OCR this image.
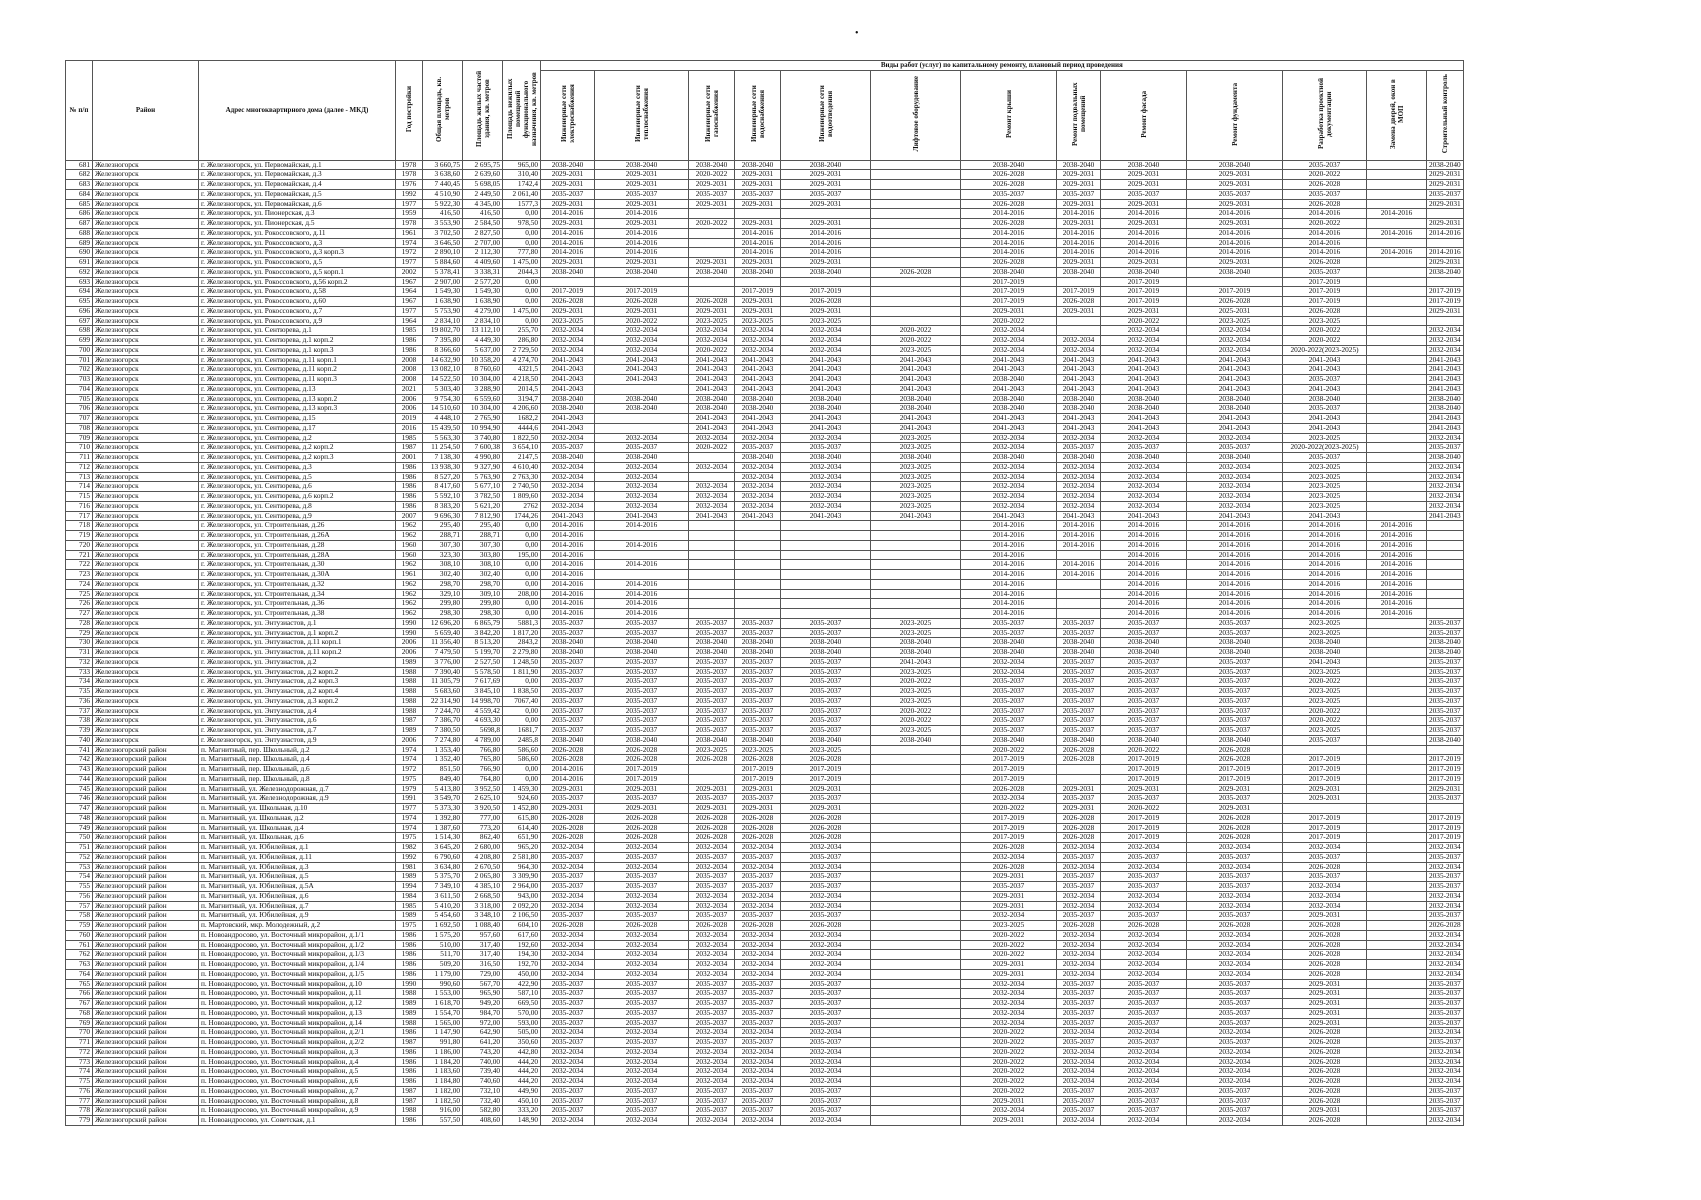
•
№ п/п	Район	Адрес многоквартирного дома (далее - МКД)	Год постройки	Общая площадь, кв. метров	Площадь жилых частей здания, кв. метров	Площадь нежилых помещений функционального назначения, кв. метров	Виды работ (услуг) по капитальному ремонту, плановый период проведения												
							Инженерные сети электроснабжения	Инженерные сети теплоснабжения	Инженерные сети газоснабжения	Инженерные сети водоснабжения	Инженерные сети водоотведения	Лифтовое оборудование	Ремонт крыши	Ремонт подвальных помещений	Ремонт фасада	Ремонт фундамента	Разработка проектной документации	Замена дверей, окон в МОП	Строительный контроль
681	Железногорск	г. Железногорск, ул. Первомайская, д.1	1978	3 660,75	2 695,75	965,00	2038-2040	2038-2040	2038-2040	2038-2040	2038-2040		2038-2040	2038-2040	2038-2040	2038-2040	2035-2037		2038-2040
682	Железногорск	г. Железногорск, ул. Первомайская, д.3	1978	3 638,60	2 639,60	310,40	2029-2031	2029-2031	2020-2022	2029-2031	2029-2031		2026-2028	2029-2031	2029-2031	2029-2031	2020-2022		2029-2031
683	Железногорск	г. Железногорск, ул. Первомайская, д.4	1976	7 440,45	5 698,05	1742,4	2029-2031	2029-2031	2029-2031	2029-2031	2029-2031		2026-2028	2029-2031	2029-2031	2029-2031	2026-2028		2029-2031
684	Железногорск	г. Железногорск, ул. Первомайская, д.5	1992	4 510,90	2 449,50	2 061,40	2035-2037	2035-2037	2035-2037	2035-2037	2035-2037		2035-2037	2035-2037	2035-2037	2035-2037	2035-2037		2035-2037
685	Железногорск	г. Железногорск, ул. Первомайская, д.6	1977	5 922,30	4 345,00	1577,3	2029-2031	2029-2031	2029-2031	2029-2031	2029-2031		2026-2028	2029-2031	2029-2031	2029-2031	2026-2028		2029-2031
686	Железногорск	г. Железногорск, ул. Пионерская, д.3	1959	416,50	416,50	0,00	2014-2016	2014-2016					2014-2016	2014-2016	2014-2016	2014-2016	2014-2016	2014-2016	
687	Железногорск	г. Железногорск, ул. Пионерская, д.5	1978	3 553,90	2 584,50	978,50	2029-2031	2029-2031	2020-2022	2029-2031	2029-2031		2026-2028	2029-2031	2029-2031	2029-2031	2020-2022		2029-2031
688	Железногорск	г. Железногорск, ул. Рокоссовского, д.11	1961	3 702,50	2 827,50	0,00	2014-2016	2014-2016		2014-2016	2014-2016		2014-2016	2014-2016	2014-2016	2014-2016	2014-2016	2014-2016	2014-2016
689	Железногорск	г. Железногорск, ул. Рокоссовского, д.3	1974	3 646,50	2 707,00	0,00	2014-2016	2014-2016		2014-2016	2014-2016		2014-2016	2014-2016	2014-2016	2014-2016	2014-2016		
690	Железногорск	г. Железногорск, ул. Рокоссовского, д.3 корп.3	1972	2 890,10	2 112,30	777,80	2014-2016	2014-2016		2014-2016	2014-2016		2014-2016	2014-2016	2014-2016	2014-2016	2014-2016	2014-2016	2014-2016
691	Железногорск	г. Железногорск, ул. Рокоссовского, д.5	1977	5 884,60	4 409,60	1 475,00	2029-2031	2029-2031	2029-2031	2029-2031	2029-2031		2026-2028	2029-2031	2029-2031	2029-2031	2026-2028		2029-2031
692	Железногорск	г. Железногорск, ул. Рокоссовского, д.5 корп.1	2002	5 378,41	3 338,31	2044,3	2038-2040	2038-2040	2038-2040	2038-2040	2038-2040	2026-2028	2038-2040	2038-2040	2038-2040	2038-2040	2035-2037		2038-2040
693	Железногорск	г. Железногорск, ул. Рокоссовского, д.56 корп.2	1967	2 907,00	2 577,20	0,00							2017-2019		2017-2019		2017-2019		
694	Железногорск	г. Железногорск, ул. Рокоссовского, д.58	1964	1 549,30	1 549,30	0,00	2017-2019	2017-2019		2017-2019	2017-2019		2017-2019	2017-2019	2017-2019	2017-2019	2017-2019		2017-2019
695	Железногорск	г. Железногорск, ул. Рокоссовского, д.60	1967	1 638,90	1 638,90	0,00	2026-2028	2026-2028	2026-2028	2029-2031	2026-2028		2017-2019	2026-2028	2017-2019	2026-2028	2017-2019		2017-2019
696	Железногорск	г. Железногорск, ул. Рокоссовского, д.7	1977	5 753,90	4 279,00	1 475,00	2029-2031	2029-2031	2029-2031	2029-2031	2029-2031		2029-2031	2029-2031	2029-2031	2025-2031	2026-2028		2029-2031
697	Железногорск	г. Железногорск, ул. Рокоссовского, д.9	1964	2 834,10	2 834,10	0,00	2023-2025	2020-2022	2023-2025	2023-2025	2023-2025		2020-2022		2020-2022	2023-2025	2023-2025		
698	Железногорск	г. Железногорск, ул. Сентюрева, д.1	1985	19 802,70	13 112,10	255,70	2032-2034	2032-2034	2032-2034	2032-2034	2032-2034	2020-2022	2032-2034		2032-2034	2032-2034	2020-2022		2032-2034
699	Железногорск	г. Железногорск, ул. Сентюрева, д.1 корп.2	1986	7 395,80	4 449,30	286,80	2032-2034	2032-2034	2032-2034	2032-2034	2032-2034	2020-2022	2032-2034	2032-2034	2032-2034	2032-2034	2020-2022		2032-2034
700	Железногорск	г. Железногорск, ул. Сентюрева, д.1 корп.3	1986	8 366,60	5 637,00	2 729,50	2032-2034	2032-2034	2020-2022	2032-2034	2032-2034	2023-2025	2032-2034	2032-2034	2032-2034	2032-2034	2020-2022(2023-2025)		2032-2034
701	Железногорск	г. Железногорск, ул. Сентюрева, д.11 корп.1	2008	14 632,90	10 358,20	4 274,70	2041-2043	2041-2043	2041-2043	2041-2043	2041-2043	2041-2043	2041-2043	2041-2043	2041-2043	2041-2043	2041-2043		2041-2043
702	Железногорск	г. Железногорск, ул. Сентюрева, д.11 корп.2	2008	13 082,10	8 760,60	4321,5	2041-2043	2041-2043	2041-2043	2041-2043	2041-2043	2041-2043	2041-2043	2041-2043	2041-2043	2041-2043	2041-2043		2041-2043
703	Железногорск	г. Железногорск, ул. Сентюрева, д.11 корп.3	2008	14 522,50	10 304,00	4 218,50	2041-2043	2041-2043	2041-2043	2041-2043	2041-2043	2041-2043	2038-2040	2041-2043	2041-2043	2041-2043	2035-2037		2041-2043
704	Железногорск	г. Железногорск, ул. Сентюрева, д.13	2021	5 303,40	3 288,90	2014,5	2041-2043		2041-2043	2041-2043	2041-2043	2041-2043	2041-2043	2041-2043	2041-2043	2041-2043	2041-2043		2041-2043
705	Железногорск	г. Железногорск, ул. Сентюрева, д.13 корп.2	2006	9 754,30	6 559,60	3194,7	2038-2040	2038-2040	2038-2040	2038-2040	2038-2040	2038-2040	2038-2040	2038-2040	2038-2040	2038-2040	2038-2040		2038-2040
706	Железногорск	г. Железногорск, ул. Сентюрева, д.13 корп.3	2006	14 510,60	10 304,00	4 206,60	2038-2040	2038-2040	2038-2040	2038-2040	2038-2040	2038-2040	2038-2040	2038-2040	2038-2040	2038-2040	2035-2037		2038-2040
707	Железногорск	г. Железногорск, ул. Сентюрева, д.15	2019	4 448,10	2 765,90	1682,2	2041-2043		2041-2043	2041-2043	2041-2043	2041-2043	2041-2043	2041-2043	2041-2043	2041-2043	2041-2043		2041-2043
708	Железногорск	г. Железногорск, ул. Сентюрева, д.17	2016	15 439,50	10 994,90	4444,6	2041-2043		2041-2043	2041-2043	2041-2043	2041-2043	2041-2043	2041-2043	2041-2043	2041-2043	2041-2043		2041-2043
709	Железногорск	г. Железногорск, ул. Сентюрева, д.2	1985	5 563,30	3 740,80	1 822,50	2032-2034	2032-2034	2032-2034	2032-2034	2032-2034	2023-2025	2032-2034	2032-2034	2032-2034	2032-2034	2023-2025		2032-2034
710	Железногорск	г. Железногорск, ул. Сентюрева, д.2 корп.2	1987	11 254,50	7 600,38	3 654,10	2035-2037	2035-2037	2020-2022	2035-2037	2035-2037	2023-2025	2032-2034	2035-2037	2035-2037	2035-2037	2020-2022(2023-2025)		2035-2037
711	Железногорск	г. Железногорск, ул. Сентюрева, д.2 корп.3	2001	7 138,30	4 990,80	2147,5	2038-2040	2038-2040		2038-2040	2038-2040	2038-2040	2038-2040	2038-2040	2038-2040	2038-2040	2035-2037		2038-2040
712	Железногорск	г. Железногорск, ул. Сентюрева, д.3	1986	13 938,30	9 327,90	4 610,40	2032-2034	2032-2034	2032-2034	2032-2034	2032-2034	2023-2025	2032-2034	2032-2034	2032-2034	2032-2034	2023-2025		2032-2034
713	Железногорск	г. Железногорск, ул. Сентюрева, д.5	1986	8 527,20	5 763,90	2 763,30	2032-2034	2032-2034		2032-2034	2032-2034	2023-2025	2032-2034	2032-2034	2032-2034	2032-2034	2023-2025		2032-2034
714	Железногорск	г. Железногорск, ул. Сентюрева, д.6	1986	8 417,60	5 677,10	2 740,50	2032-2034	2032-2034	2032-2034	2032-2034	2032-2034	2023-2025	2032-2034	2032-2034	2032-2034	2032-2034	2023-2025		2032-2034
715	Железногорск	г. Железногорск, ул. Сентюрева, д.6 корп.2	1986	5 592,10	3 782,50	1 809,60	2032-2034	2032-2034	2032-2034	2032-2034	2032-2034	2023-2025	2032-2034	2032-2034	2032-2034	2032-2034	2023-2025		2032-2034
716	Железногорск	г. Железногорск, ул. Сентюрева, д.8	1986	8 383,20	5 621,20	2762	2032-2034	2032-2034	2032-2034	2032-2034	2032-2034	2023-2025	2032-2034	2032-2034	2032-2034	2032-2034	2023-2025		2032-2034
717	Железногорск	г. Железногорск, ул. Сентюрева, д.9	2007	9 696,30	7 812,90	1744,26	2041-2043	2041-2043	2041-2043	2041-2043	2041-2043	2041-2043	2041-2043	2041-2043	2041-2043	2041-2043	2041-2043		2041-2043
718	Железногорск	г. Железногорск, ул. Строительная, д.26	1962	295,40	295,40	0,00	2014-2016	2014-2016					2014-2016	2014-2016	2014-2016	2014-2016	2014-2016	2014-2016	
719	Железногорск	г. Железногорск, ул. Строительная, д.26А	1962	288,71	288,71	0,00	2014-2016						2014-2016	2014-2016	2014-2016	2014-2016	2014-2016	2014-2016	
720	Железногорск	г. Железногорск, ул. Строительная, д.28	1960	307,30	307,30	0,00	2014-2016	2014-2016					2014-2016	2014-2016	2014-2016	2014-2016	2014-2016	2014-2016	
721	Железногорск	г. Железногорск, ул. Строительная, д.28А	1960	323,30	303,80	195,00	2014-2016						2014-2016		2014-2016	2014-2016	2014-2016	2014-2016	
722	Железногорск	г. Железногорск, ул. Строительная, д.30	1962	308,10	308,10	0,00	2014-2016	2014-2016					2014-2016	2014-2016	2014-2016	2014-2016	2014-2016	2014-2016	
723	Железногорск	г. Железногорск, ул. Строительная, д.30А	1961	302,40	302,40	0,00	2014-2016						2014-2016	2014-2016	2014-2016	2014-2016	2014-2016	2014-2016	
724	Железногорск	г. Железногорск, ул. Строительная, д.32	1962	298,70	298,70	0,00	2014-2016	2014-2016					2014-2016		2014-2016	2014-2016	2014-2016	2014-2016	
725	Железногорск	г. Железногорск, ул. Строительная, д.34	1962	329,10	309,10	208,00	2014-2016	2014-2016					2014-2016		2014-2016	2014-2016	2014-2016	2014-2016	
726	Железногорск	г. Железногорск, ул. Строительная, д.36	1962	299,80	299,80	0,00	2014-2016	2014-2016					2014-2016		2014-2016	2014-2016	2014-2016	2014-2016	
727	Железногорск	г. Железногорск, ул. Строительная, д.38	1962	298,30	298,30	0,00	2014-2016	2014-2016					2014-2016		2014-2016	2014-2016	2014-2016	2014-2016	
728	Железногорск	г. Железногорск, ул. Энтузиастов, д.1	1990	12 696,20	6 865,79	5881,3	2035-2037	2035-2037	2035-2037	2035-2037	2035-2037	2023-2025	2035-2037	2035-2037	2035-2037	2035-2037	2023-2025		2035-2037
729	Железногорск	г. Железногорск, ул. Энтузиастов, д.1 корп.2	1990	5 659,40	3 842,20	1 817,20	2035-2037	2035-2037	2035-2037	2035-2037	2035-2037	2023-2025	2035-2037	2035-2037	2035-2037	2035-2037	2023-2025		2035-2037
730	Железногорск	г. Железногорск, ул. Энтузиастов, д.11 корп.1	2006	11 356,40	8 513,20	2843,2	2038-2040	2038-2040	2038-2040	2038-2040	2038-2040	2038-2040	2038-2040	2038-2040	2038-2040	2038-2040	2038-2040		2038-2040
731	Железногорск	г. Железногорск, ул. Энтузиастов, д.11 корп.2	2006	7 479,50	5 199,70	2 279,80	2038-2040	2038-2040	2038-2040	2038-2040	2038-2040	2038-2040	2038-2040	2038-2040	2038-2040	2038-2040	2038-2040		2038-2040
732	Железногорск	г. Железногорск, ул. Энтузиастов, д.2	1989	3 776,00	2 527,50	1 248,50	2035-2037	2035-2037	2035-2037	2035-2037	2035-2037	2041-2043	2032-2034	2035-2037	2035-2037	2035-2037	2041-2043		2035-2037
733	Железногорск	г. Железногорск, ул. Энтузиастов, д.2 корп.2	1988	7 390,40	5 578,50	1 811,90	2035-2037	2035-2037	2035-2037	2035-2037	2035-2037	2023-2025	2032-2034	2035-2037	2035-2037	2035-2037	2023-2025		2035-2037
734	Железногорск	г. Железногорск, ул. Энтузиастов, д.2 корп.3	1988	11 305,79	7 617,69	0,00	2035-2037	2035-2037	2035-2037	2035-2037	2035-2037	2020-2022	2035-2037	2035-2037	2035-2037	2035-2037	2020-2022		2035-2037
735	Железногорск	г. Железногорск, ул. Энтузиастов, д.2 корп.4	1988	5 683,60	3 845,10	1 838,50	2035-2037	2035-2037	2035-2037	2035-2037	2035-2037	2023-2025	2035-2037	2035-2037	2035-2037	2035-2037	2023-2025		2035-2037
736	Железногорск	г. Железногорск, ул. Энтузиастов, д.3 корп.2	1988	22 314,90	14 998,70	7067,40	2035-2037	2035-2037	2035-2037	2035-2037	2035-2037	2023-2025	2035-2037	2035-2037	2035-2037	2035-2037	2023-2025		2035-2037
737	Железногорск	г. Железногорск, ул. Энтузиастов, д.4	1988	7 244,70	4 559,42	0,00	2035-2037	2035-2037	2035-2037	2035-2037	2035-2037	2020-2022	2035-2037	2035-2037	2035-2037	2035-2037	2020-2022		2035-2037
738	Железногорск	г. Железногорск, ул. Энтузиастов, д.6	1987	7 386,70	4 693,30	0,00	2035-2037	2035-2037	2035-2037	2035-2037	2035-2037	2020-2022	2035-2037	2035-2037	2035-2037	2035-2037	2020-2022		2035-2037
739	Железногорск	г. Железногорск, ул. Энтузиастов, д.7	1989	7 380,50	5698,8	1681,7	2035-2037	2035-2037	2035-2037	2035-2037	2035-2037	2023-2025	2035-2037	2035-2037	2035-2037	2035-2037	2023-2025		2035-2037
740	Железногорск	г. Железногорск, ул. Энтузиастов, д.9	2006	7 274,80	4 789,00	2485,8	2038-2040	2038-2040	2038-2040	2038-2040	2038-2040	2038-2040	2038-2040	2038-2040	2038-2040	2038-2040	2035-2037		2038-2040
741	Железногорский район	п. Магнитный, пер. Школьный, д.2	1974	1 353,40	766,80	586,60	2026-2028	2026-2028	2023-2025	2023-2025	2023-2025		2020-2022	2026-2028	2020-2022	2026-2028			
742	Железногорский район	п. Магнитный, пер. Школьный, д.4	1974	1 352,40	765,80	586,60	2026-2028	2026-2028	2026-2028	2026-2028	2026-2028		2017-2019	2026-2028	2017-2019	2026-2028	2017-2019		2017-2019
743	Железногорский район	п. Магнитный, пер. Школьный, д.6	1972	851,50	766,90	0,00	2014-2016	2017-2019		2017-2019	2017-2019		2017-2019		2017-2019	2017-2019	2017-2019		2017-2019
744	Железногорский район	п. Магнитный, пер. Школьный, д.8	1975	849,40	764,80	0,00	2014-2016	2017-2019		2017-2019	2017-2019		2017-2019		2017-2019	2017-2019	2017-2019		2017-2019
745	Железногорский район	п. Магнитный, ул. Железнодорожная, д.7	1979	5 413,80	3 952,50	1 459,30	2029-2031	2029-2031	2029-2031	2029-2031	2029-2031		2026-2028	2029-2031	2029-2031	2029-2031	2029-2031		2029-2031
746	Железногорский район	п. Магнитный, ул. Железнодорожная, д.9	1991	3 549,70	2 625,10	924,60	2035-2037	2035-2037	2035-2037	2035-2037	2035-2037		2032-2034	2035-2037	2035-2037	2035-2037	2029-2031		2035-2037
747	Железногорский район	п. Магнитный, ул. Школьная, д.10	1977	5 373,30	3 920,50	1 452,80	2029-2031	2029-2031	2029-2031	2029-2031	2029-2031		2020-2022	2029-2031	2020-2022	2029-2031			
748	Железногорский район	п. Магнитный, ул. Школьная, д.2	1974	1 392,80	777,00	615,80	2026-2028	2026-2028	2026-2028	2026-2028	2026-2028		2017-2019	2026-2028	2017-2019	2026-2028	2017-2019		2017-2019
749	Железногорский район	п. Магнитный, ул. Школьная, д.4	1974	1 387,60	773,20	614,40	2026-2028	2026-2028	2026-2028	2026-2028	2026-2028		2017-2019	2026-2028	2017-2019	2026-2028	2017-2019		2017-2019
750	Железногорский район	п. Магнитный, ул. Школьная, д.6	1975	1 514,30	862,40	651,90	2026-2028	2026-2028	2026-2028	2026-2028	2026-2028		2017-2019	2026-2028	2017-2019	2026-2028	2017-2019		2017-2019
751	Железногорский район	п. Магнитный, ул. Юбилейная, д.1	1982	3 645,20	2 680,00	965,20	2032-2034	2032-2034	2032-2034	2032-2034	2032-2034		2026-2028	2032-2034	2032-2034	2032-2034	2032-2034		2032-2034
752	Железногорский район	п. Магнитный, ул. Юбилейная, д.11	1992	6 790,60	4 208,80	2 581,80	2035-2037	2035-2037	2035-2037	2035-2037	2035-2037		2032-2034	2035-2037	2035-2037	2035-2037	2035-2037		2035-2037
753	Железногорский район	п. Магнитный, ул. Юбилейная, д.3	1981	3 634,80	2 670,50	964,30	2032-2034	2032-2034	2032-2034	2032-2034	2032-2034		2026-2028	2032-2034	2032-2034	2032-2034	2026-2028		2032-2034
754	Железногорский район	п. Магнитный, ул. Юбилейная, д.5	1989	5 375,70	2 065,80	3 309,90	2035-2037	2035-2037	2035-2037	2035-2037	2035-2037		2029-2031	2035-2037	2035-2037	2035-2037	2035-2037		2035-2037
755	Железногорский район	п. Магнитный, ул. Юбилейная, д.5А	1994	7 349,10	4 385,10	2 964,00	2035-2037	2035-2037	2035-2037	2035-2037	2035-2037		2035-2037	2035-2037	2035-2037	2035-2037	2032-2034		2035-2037
756	Железногорский район	п. Магнитный, ул. Юбилейная, д.6	1984	3 611,50	2 668,50	943,00	2032-2034	2032-2034	2032-2034	2032-2034	2032-2034		2029-2031	2032-2034	2032-2034	2032-2034	2032-2034		2032-2034
757	Железногорский район	п. Магнитный, ул. Юбилейная, д.7	1985	5 410,20	3 318,00	2 092,20	2032-2034	2032-2034	2032-2034	2032-2034	2032-2034		2029-2031	2032-2034	2032-2034	2032-2034	2032-2034		2032-2034
758	Железногорский район	п. Магнитный, ул. Юбилейная, д.9	1989	5 454,60	3 348,10	2 106,50	2035-2037	2035-2037	2035-2037	2035-2037	2035-2037		2032-2034	2035-2037	2035-2037	2035-2037	2029-2031		2035-2037
759	Железногорский район	п. Мартовский, мкр. Молодежный, д.2	1975	1 692,50	1 088,40	604,10	2026-2028	2026-2028	2026-2028	2026-2028	2026-2028		2023-2025	2026-2028	2026-2028	2026-2028	2026-2028		2026-2028
760	Железногорский район	п. Новоандросово, ул. Восточный микрорайон, д.1/1	1986	1 575,20	957,60	617,60	2032-2034	2032-2034	2032-2034	2032-2034	2032-2034		2020-2022	2032-2034	2032-2034	2032-2034	2026-2028		2032-2034
761	Железногорский район	п. Новоандросово, ул. Восточный микрорайон, д.1/2	1986	510,00	317,40	192,60	2032-2034	2032-2034	2032-2034	2032-2034	2032-2034		2020-2022	2032-2034	2032-2034	2032-2034	2026-2028		2032-2034
762	Железногорский район	п. Новоандросово, ул. Восточный микрорайон, д.1/3	1986	511,70	317,40	194,30	2032-2034	2032-2034	2032-2034	2032-2034	2032-2034		2020-2022	2032-2034	2032-2034	2032-2034	2026-2028		2032-2034
763	Железногорский район	п. Новоандросово, ул. Восточный микрорайон, д.1/4	1986	509,20	316,50	192,70	2032-2034	2032-2034	2032-2034	2032-2034	2032-2034		2029-2031	2032-2034	2032-2034	2032-2034	2026-2028		2032-2034
764	Железногорский район	п. Новоандросово, ул. Восточный микрорайон, д.1/5	1986	1 179,00	729,00	450,00	2032-2034	2032-2034	2032-2034	2032-2034	2032-2034		2029-2031	2032-2034	2032-2034	2032-2034	2026-2028		2032-2034
765	Железногорский район	п. Новоандросово, ул. Восточный микрорайон, д.10	1990	990,60	567,70	422,90	2035-2037	2035-2037	2035-2037	2035-2037	2035-2037		2032-2034	2035-2037	2035-2037	2035-2037	2029-2031		2035-2037
766	Железногорский район	п. Новоандросово, ул. Восточный микрорайон, д.11	1988	1 553,00	965,90	587,10	2035-2037	2035-2037	2035-2037	2035-2037	2035-2037		2032-2034	2035-2037	2035-2037	2035-2037	2029-2031		2035-2037
767	Железногорский район	п. Новоандросово, ул. Восточный микрорайон, д.12	1989	1 618,70	949,20	669,50	2035-2037	2035-2037	2035-2037	2035-2037	2035-2037		2032-2034	2035-2037	2035-2037	2035-2037	2029-2031		2035-2037
768	Железногорский район	п. Новоандросово, ул. Восточный микрорайон, д.13	1989	1 554,70	984,70	570,00	2035-2037	2035-2037	2035-2037	2035-2037	2035-2037		2032-2034	2035-2037	2035-2037	2035-2037	2029-2031		2035-2037
769	Железногорский район	п. Новоандросово, ул. Восточный микрорайон, д.14	1988	1 565,00	972,00	593,00	2035-2037	2035-2037	2035-2037	2035-2037	2035-2037		2032-2034	2035-2037	2035-2037	2035-2037	2029-2031		2035-2037
770	Железногорский район	п. Новоандросово, ул. Восточный микрорайон, д.2/1	1986	1 147,90	642,90	505,00	2032-2034	2032-2034	2032-2034	2032-2034	2032-2034		2020-2022	2032-2034	2032-2034	2032-2034	2026-2028		2032-2034
771	Железногорский район	п. Новоандросово, ул. Восточный микрорайон, д.2/2	1987	991,80	641,20	350,60	2035-2037	2035-2037	2035-2037	2035-2037	2035-2037		2020-2022	2035-2037	2035-2037	2035-2037	2026-2028		2035-2037
772	Железногорский район	п. Новоандросово, ул. Восточный микрорайон, д.3	1986	1 186,00	743,20	442,80	2032-2034	2032-2034	2032-2034	2032-2034	2032-2034		2020-2022	2032-2034	2032-2034	2032-2034	2026-2028		2032-2034
773	Железногорский район	п. Новоандросово, ул. Восточный микрорайон, д.4	1986	1 184,20	740,00	444,20	2032-2034	2032-2034	2032-2034	2032-2034	2032-2034		2020-2022	2032-2034	2032-2034	2032-2034	2026-2028		2032-2034
774	Железногорский район	п. Новоандросово, ул. Восточный микрорайон, д.5	1986	1 183,60	739,40	444,20	2032-2034	2032-2034	2032-2034	2032-2034	2032-2034		2020-2022	2032-2034	2032-2034	2032-2034	2026-2028		2032-2034
775	Железногорский район	п. Новоандросово, ул. Восточный микрорайон, д.6	1986	1 184,80	740,60	444,20	2032-2034	2032-2034	2032-2034	2032-2034	2032-2034		2020-2022	2032-2034	2032-2034	2032-2034	2026-2028		2032-2034
776	Железногорский район	п. Новоандросово, ул. Восточный микрорайон, д.7	1987	1 182,00	732,10	449,90	2035-2037	2035-2037	2035-2037	2035-2037	2035-2037		2020-2022	2035-2037	2035-2037	2035-2037	2026-2028		2035-2037
777	Железногорский район	п. Новоандросово, ул. Восточный микрорайон, д.8	1987	1 182,50	732,40	450,10	2035-2037	2035-2037	2035-2037	2035-2037	2035-2037		2029-2031	2035-2037	2035-2037	2035-2037	2026-2028		2035-2037
778	Железногорский район	п. Новоандросово, ул. Восточный микрорайон, д.9	1988	916,00	582,80	333,20	2035-2037	2035-2037	2035-2037	2035-2037	2035-2037		2032-2034	2035-2037	2035-2037	2035-2037	2029-2031		2035-2037
779	Железногорский район	п. Новоандросово, ул. Советская, д.1	1986	557,50	408,60	148,90	2032-2034	2032-2034	2032-2034	2032-2034	2032-2034		2029-2031	2032-2034	2032-2034	2032-2034	2026-2028		2032-2034
